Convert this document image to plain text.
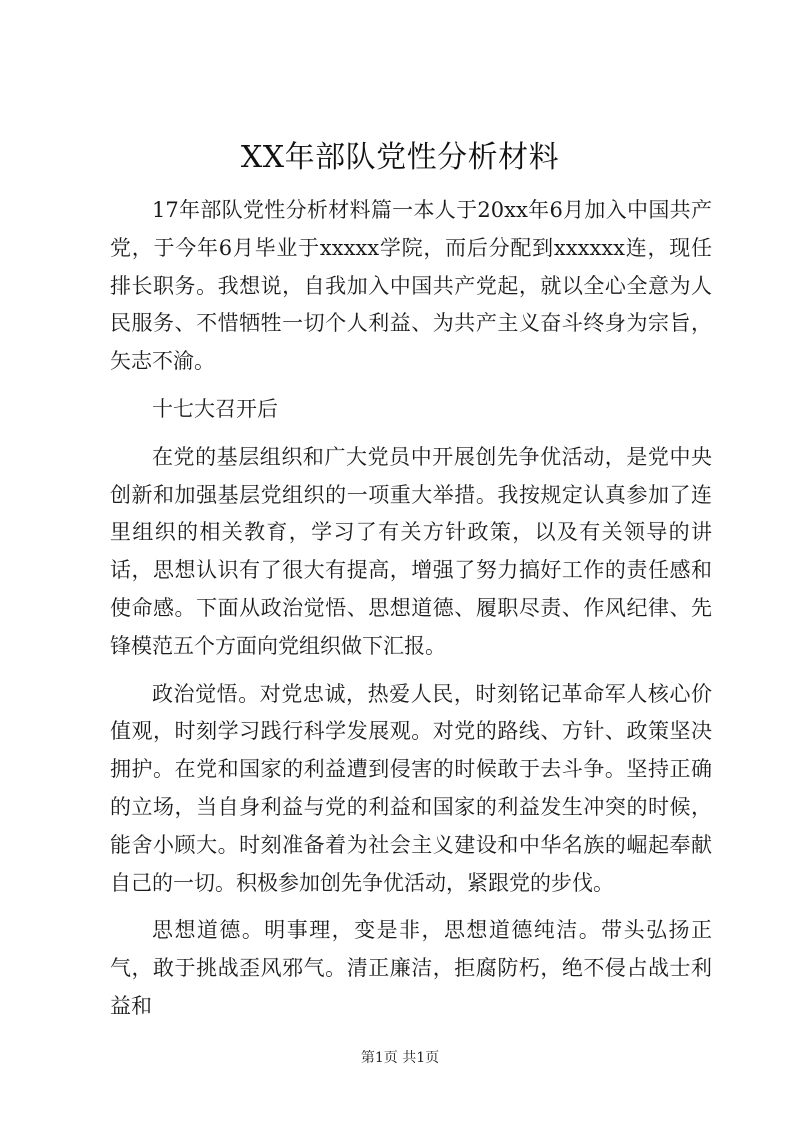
XX年部队党性分析材料

17年部队党性分析材料篇一本人于20xx年6月加入中国共产党，于今年6月毕业于xxxxx学院，而后分配到xxxxxx连，现任排长职务。我想说，自我加入中国共产党起，就以全心全意为人民服务、不惜牺牲一切个人利益、为共产主义奋斗终身为宗旨，矢志不渝。

十七大召开后

在党的基层组织和广大党员中开展创先争优活动，是党中央创新和加强基层党组织的一项重大举措。我按规定认真参加了连里组织的相关教育，学习了有关方针政策，以及有关领导的讲话，思想认识有了很大有提高，增强了努力搞好工作的责任感和使命感。下面从政治觉悟、思想道德、履职尽责、作风纪律、先锋模范五个方面向党组织做下汇报。

政治觉悟。对党忠诚，热爱人民，时刻铭记革命军人核心价值观，时刻学习践行科学发展观。对党的路线、方针、政策坚决拥护。在党和国家的利益遭到侵害的时候敢于去斗争。坚持正确的立场，当自身利益与党的利益和国家的利益发生冲突的时候，能舍小顾大。时刻准备着为社会主义建设和中华名族的崛起奉献自己的一切。积极参加创先争优活动，紧跟党的步伐。

思想道德。明事理，变是非，思想道德纯洁。带头弘扬正气，敢于挑战歪风邪气。清正廉洁，拒腐防朽，绝不侵占战士利益和

第1页 共1页
